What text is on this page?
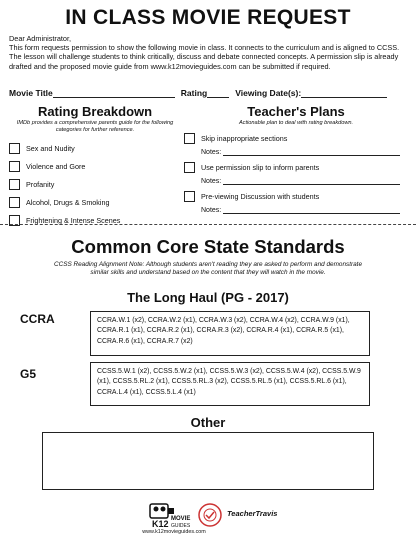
IN CLASS MOVIE REQUEST
Dear Administrator,
This form requests permission to show the following movie in class. It connects to the curriculum and is aligned to CCSS. The lesson will challenge students to think critically, discuss and debate connected concepts. A permission slip is already drafted and the proposed movie guide from www.k12movieguides.com can be submitted if required.
Movie Title	Rating	Viewing Date(s):
Rating Breakdown
IMDb provides a comprehensive parents guide for the following categories for further reference.
Sex and Nudity
Violence and Gore
Profanity
Alcohol, Drugs & Smoking
Frightening & Intense Scenes
Teacher's Plans
Actionable plan to deal with rating breakdown.
Skip inappropriate sections
Notes:
Use permission slip to inform parents
Notes:
Pre-viewing Discussion with students
Notes:
Common Core State Standards
CCSS Reading Alignment Note: Although students aren't reading they are asked to perform and demonstrate similar skills and understand based on the content that they will watch in the movie.
The Long Haul (PG - 2017)
CCRA	CCRA.W.1 (x2), CCRA.W.2 (x1), CCRA.W.3 (x2), CCRA.W.4 (x2), CCRA.W.9 (x1), CCRA.R.1 (x1), CCRA.R.2 (x1), CCRA.R.3 (x2), CCRA.R.4 (x1), CCRA.R.5 (x1), CCRA.R.6 (x1), CCRA.R.7 (x2)
G5	CCSS.5.W.1 (x2), CCSS.5.W.2 (x1), CCSS.5.W.3 (x2), CCSS.5.W.4 (x2), CCSS.5.W.9 (x1), CCSS.5.RL.2 (x1), CCSS.5.RL.3 (x2), CCSS.5.RL.5 (x1), CCSS.5.RL.6 (x1), CCRA.L.4 (x1), CCSS.5.L.4 (x1)
Other
K12 MOVIE
GUIDES
www.k12movieguides.com
TeacherTravis
